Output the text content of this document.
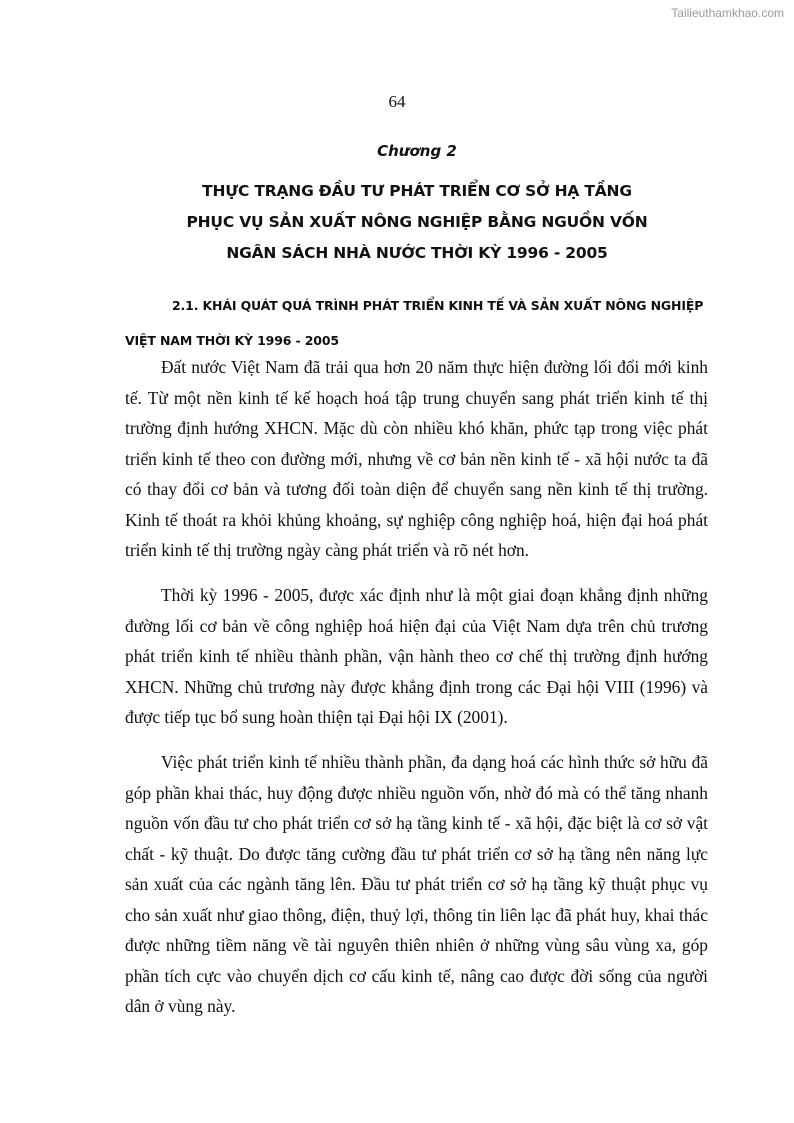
Tailieuthamkhao.com
64
Chương 2
THỰC TRẠNG ĐẦU TƯ PHÁT TRIỂN CƠ SỞ HẠ TẦNG
PHỤC VỤ SẢN XUẤT NÔNG NGHIỆP BẰNG NGUỒN VỐN
NGÂN SÁCH NHÀ NƯỚC THỜI KỲ 1996 - 2005
2.1. KHÁI QUÁT QUÁ TRÌNH PHÁT TRIỂN KINH TẾ VÀ SẢN XUẤT NÔNG NGHIỆP
VIỆT NAM THỜI KỲ 1996 - 2005

Đất nước Việt Nam đã trải qua hơn 20 năm thực hiện đường lối đổi mới kinh tế. Từ một nền kinh tế kế hoạch hoá tập trung chuyển sang phát triển kinh tế thị trường định hướng XHCN. Mặc dù còn nhiều khó khăn, phức tạp trong việc phát triển kinh tế theo con đường mới, nhưng về cơ bản nền kinh tế - xã hội nước ta đã có thay đổi cơ bản và tương đối toàn diện để chuyển sang nền kinh tế thị trường. Kinh tế thoát ra khỏi khủng khoảng, sự nghiệp công nghiệp hoá, hiện đại hoá phát triển kinh tế thị trường ngày càng phát triển và rõ nét hơn.

Thời kỳ 1996 - 2005, được xác định như là một giai đoạn khẳng định những đường lối cơ bản về công nghiệp hoá hiện đại của Việt Nam dựa trên chủ trương phát triển kinh tế nhiều thành phần, vận hành theo cơ chế thị trường định hướng XHCN. Những chủ trương này được khẳng định trong các Đại hội VIII (1996) và được tiếp tục bổ sung hoàn thiện tại Đại hội IX (2001).

Việc phát triển kinh tế nhiều thành phần, đa dạng hoá các hình thức sở hữu đã góp phần khai thác, huy động được nhiều nguồn vốn, nhờ đó mà có thể tăng nhanh nguồn vốn đầu tư cho phát triển cơ sở hạ tầng kinh tế - xã hội, đặc biệt là cơ sở vật chất - kỹ thuật. Do được tăng cường đầu tư phát triển cơ sở hạ tầng nên năng lực sản xuất của các ngành tăng lên. Đầu tư phát triển cơ sở hạ tầng kỹ thuật phục vụ cho sản xuất như giao thông, điện, thuỷ lợi, thông tin liên lạc đã phát huy, khai thác được những tiềm năng về tài nguyên thiên nhiên ở những vùng sâu vùng xa, góp phần tích cực vào chuyển dịch cơ cấu kinh tế, nâng cao được đời sống của người dân ở vùng này.
